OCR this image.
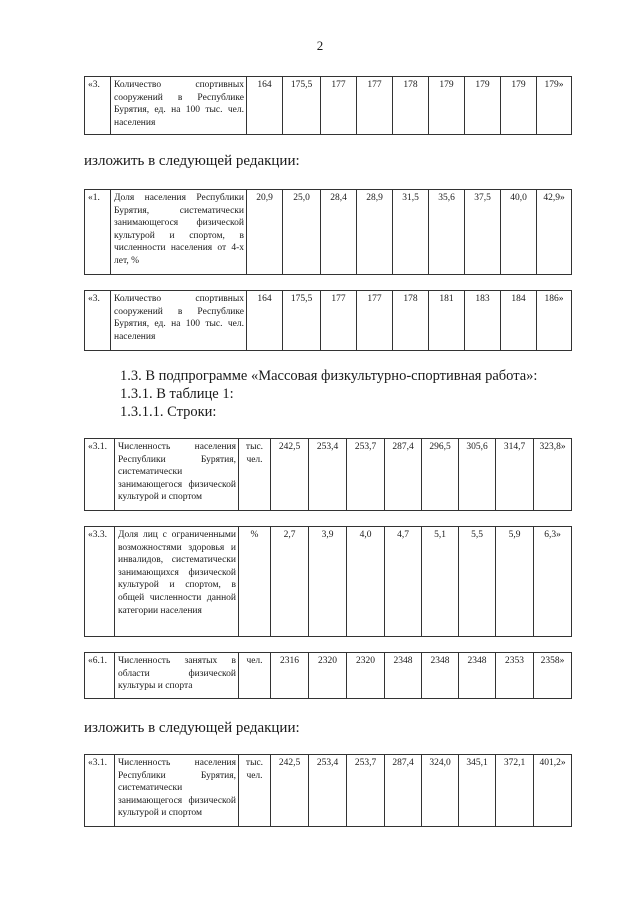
2
«3.	Количество спортивных сооружений в Республике Бурятия, ед. на 100 тыс. чел. населения	164	175,5	177	177	178	179	179	179	179»
изложить в следующей редакции:
«1.	Доля населения Республики Бурятия, систематически занимающегося физической культурой и спортом, в численности населения от 4-х лет, %	20,9	25,0	28,4	28,9	31,5	35,6	37,5	40,0	42,9»
«3.	Количество спортивных сооружений в Республике Бурятия, ед. на 100 тыс. чел. населения	164	175,5	177	177	178	181	183	184	186»
1.3. В подпрограмме «Массовая физкультурно-спортивная работа»:
1.3.1. В таблице 1:
1.3.1.1. Строки:
«3.1.	Численность населения Республики Бурятия, систематически занимающегося физической культурой и спортом	тыс. чел.	242,5	253,4	253,7	287,4	296,5	305,6	314,7	323,8»
«3.3.	Доля лиц с ограниченными возможностями здоровья и инвалидов, систематически занимающихся физической культурой и спортом, в общей численности данной категории населения	%	2,7	3,9	4,0	4,7	5,1	5,5	5,9	6,3»
«6.1.	Численность занятых в области физической культуры и спорта	чел.	2316	2320	2320	2348	2348	2348	2353	2358»
изложить в следующей редакции:
«3.1.	Численность населения Республики Бурятия, систематически занимающегося физической культурой и спортом	тыс. чел.	242,5	253,4	253,7	287,4	324,0	345,1	372,1	401,2»
